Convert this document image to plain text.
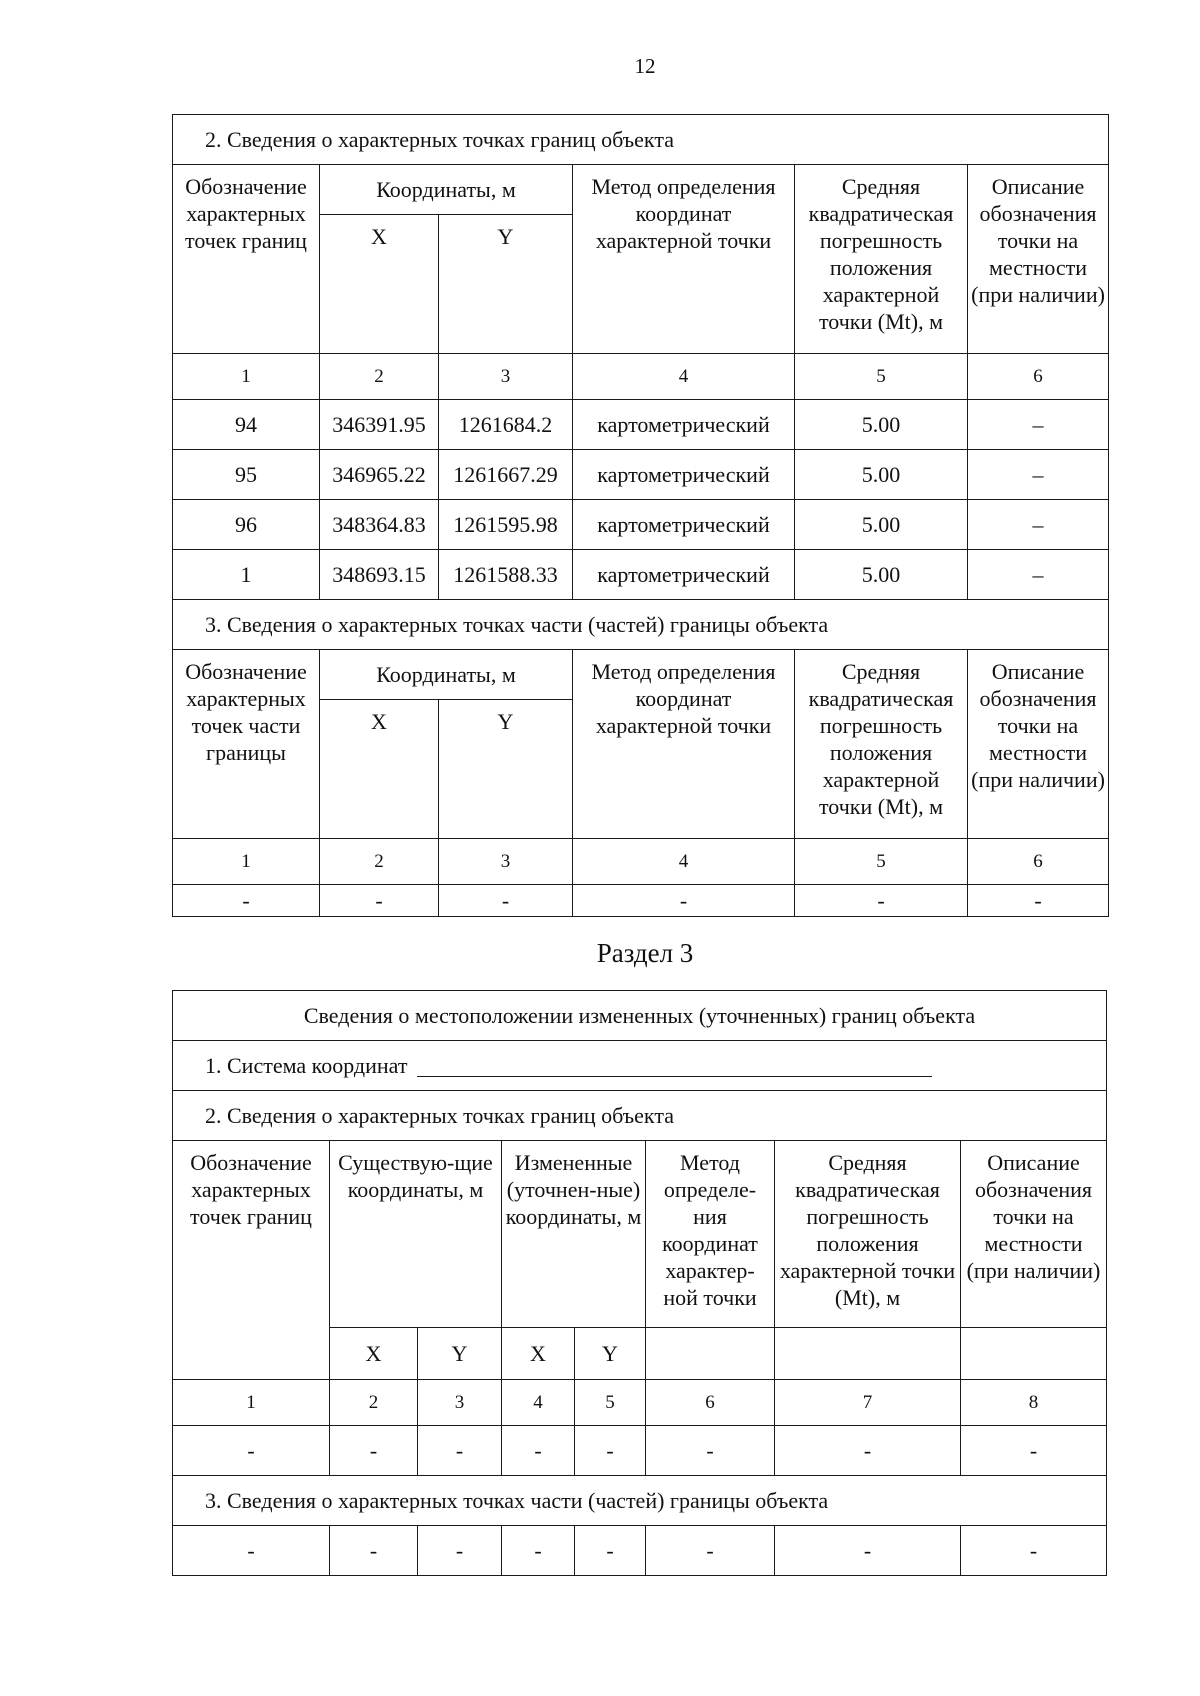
12
2. Сведения о характерных точках границ объекта					
Обозначение характерных точек границ	Координаты, м		Метод определения координат характерной точки	Средняя квадратическая погрешность положения характерной точки (Mt), м	Описание обозначения точки на местности (при наличии)
	X	Y			
1	2	3	4	5	6
94	346391.95	1261684.2	картометрический	5.00	–
95	346965.22	1261667.29	картометрический	5.00	–
96	348364.83	1261595.98	картометрический	5.00	–
1	348693.15	1261588.33	картометрический	5.00	–
3. Сведения о характерных точках части (частей) границы объекта					
Обозначение характерных точек части границы	Координаты, м		Метод определения координат характерной точки	Средняя квадратическая погрешность положения характерной точки (Mt), м	Описание обозначения точки на местности (при наличии)
	X	Y			
1	2	3	4	5	6
-	-	-	-	-	-
Раздел 3
Сведения о местоположении измененных (уточненных) границ объекта							
1. Система координат							
2. Сведения о характерных точках границ объекта							
Обозначение характерных точек границ	Существую-щие координаты, м		Измененные (уточнен-ные) координаты, м		Метод определе-ния координат характер-ной точки	Средняя квадратическая погрешность положения характерной точки (Mt), м	Описание обозначения точки на местности (при наличии)
	X	Y	X	Y			
1	2	3	4	5	6	7	8
-	-	-	-	-	-	-	-
3. Сведения о характерных точках части (частей) границы объекта							
-	-	-	-	-	-	-	-
